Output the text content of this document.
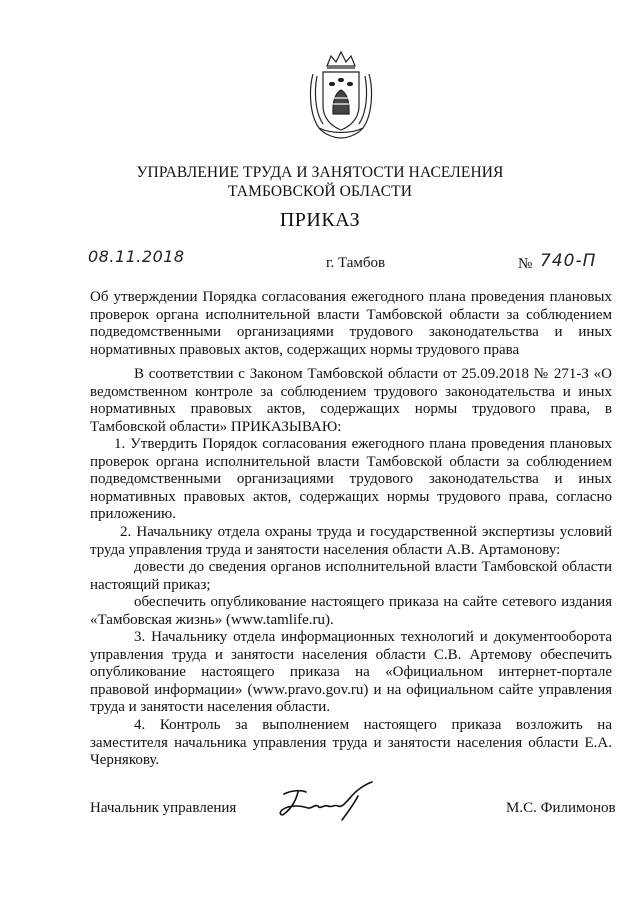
УПРАВЛЕНИЕ ТРУДА И ЗАНЯТОСТИ НАСЕЛЕНИЯ
ТАМБОВСКОЙ ОБЛАСТИ
ПРИКАЗ
08.11.2018	г. Тамбов	№ 740-П
Об утверждении Порядка согласования ежегодного плана проведения плановых проверок органа исполнительной власти Тамбовской области за соблюдением подведомственными организациями трудового законодательства и иных нормативных правовых актов, содержащих нормы трудового права
В соответствии с Законом Тамбовской области от 25.09.2018 № 271-З «О ведомственном контроле за соблюдением трудового законодательства и иных нормативных правовых актов, содержащих нормы трудового права, в Тамбовской области» ПРИКАЗЫВАЮ:
1. Утвердить Порядок согласования ежегодного плана проведения плановых проверок органа исполнительной власти Тамбовской области за соблюдением подведомственными организациями трудового законодательства и иных нормативных правовых актов, содержащих нормы трудового права, согласно приложению.
2. Начальнику отдела охраны труда и государственной экспертизы условий труда управления труда и занятости населения области А.В. Артамонову:
довести до сведения органов исполнительной власти Тамбовской области настоящий приказ;
обеспечить опубликование настоящего приказа на сайте сетевого издания «Тамбовская жизнь» (www.tamlife.ru).
3. Начальнику отдела информационных технологий и документооборота управления труда и занятости населения области С.В. Артемову обеспечить опубликование настоящего приказа на «Официальном интернет-портале правовой информации» (www.pravo.gov.ru) и на официальном сайте управления труда и занятости населения области.
4. Контроль за выполнением настоящего приказа возложить на заместителя начальника управления труда и занятости населения области Е.А. Чернякову.
Начальник управления	М.С. Филимонов
